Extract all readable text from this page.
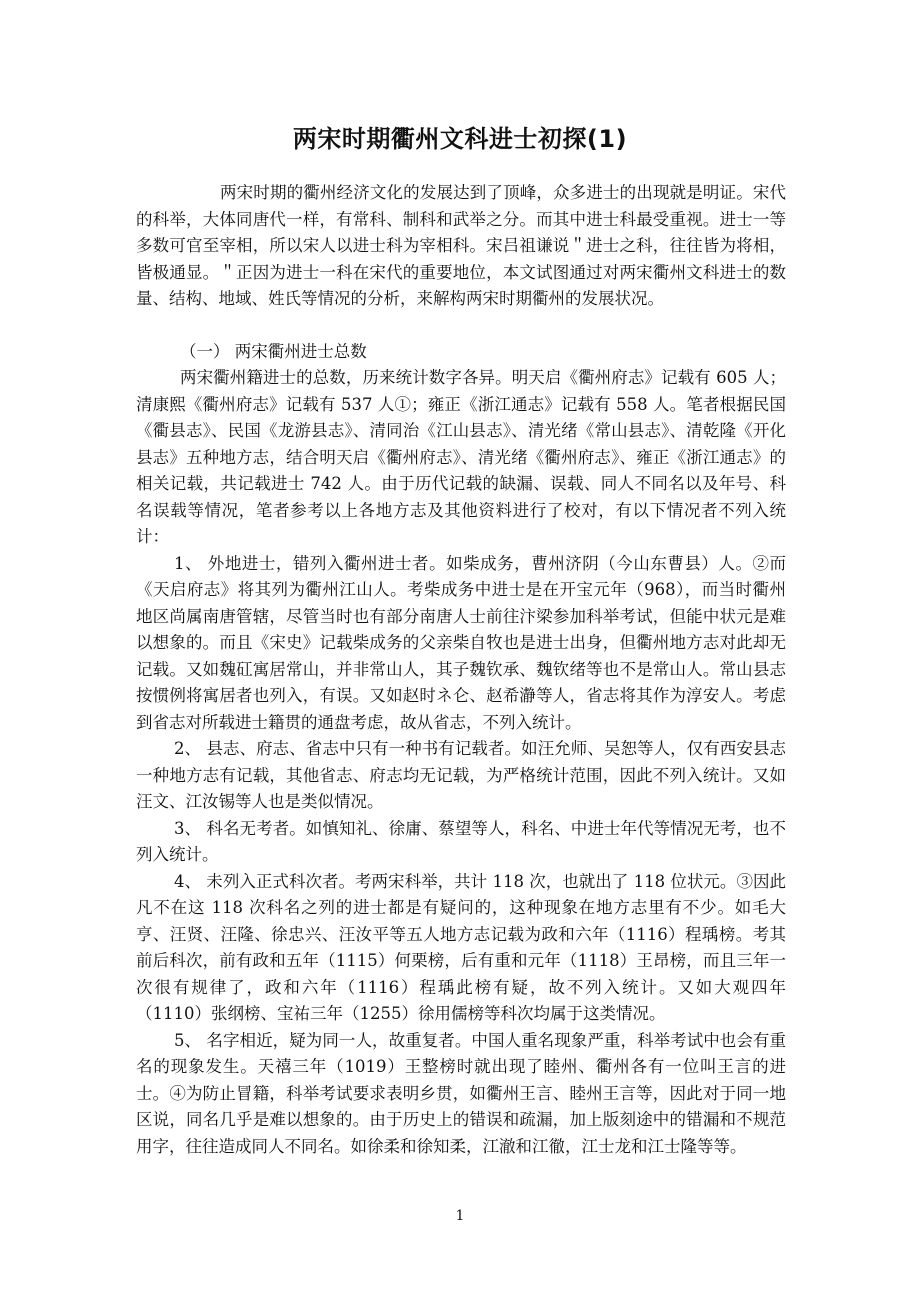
两宋时期衢州文科进士初探(1)

两宋时期的衢州经济文化的发展达到了顶峰，众多进士的出现就是明证。宋代的科举，大体同唐代一样，有常科、制科和武举之分。而其中进士科最受重视。进士一等多数可官至宰相，所以宋人以进士科为宰相科。宋吕祖谦说＂进士之科，往往皆为将相，皆极通显。＂正因为进士一科在宋代的重要地位，本文试图通过对两宋衢州文科进士的数量、结构、地域、姓氏等情况的分析，来解构两宋时期衢州的发展状况。

（一） 两宋衢州进士总数

两宋衢州籍进士的总数，历来统计数字各异。明天启《衢州府志》记载有 605 人；清康熙《衢州府志》记载有 537 人①；雍正《浙江通志》记载有 558 人。笔者根据民国《衢县志》、民国《龙游县志》、清同治《江山县志》、清光绪《常山县志》、清乾隆《开化县志》五种地方志，结合明天启《衢州府志》、清光绪《衢州府志》、雍正《浙江通志》的相关记载，共记载进士 742 人。由于历代记载的缺漏、误载、同人不同名以及年号、科名误载等情况，笔者参考以上各地方志及其他资料进行了校对，有以下情况者不列入统计：

1、 外地进士，错列入衢州进士者。如柴成务，曹州济阴（今山东曹县）人。②而《天启府志》将其列为衢州江山人。考柴成务中进士是在开宝元年（968），而当时衢州地区尚属南唐管辖，尽管当时也有部分南唐人士前往汴梁参加科举考试，但能中状元是难以想象的。而且《宋史》记载柴成务的父亲柴自牧也是进士出身，但衢州地方志对此却无记载。又如魏矼寓居常山，并非常山人，其子魏钦承、魏钦绪等也不是常山人。常山县志按惯例将寓居者也列入，有误。又如赵时ネ仑、赵希瀞等人，省志将其作为淳安人。考虑到省志对所载进士籍贯的通盘考虑，故从省志，不列入统计。

2、 县志、府志、省志中只有一种书有记载者。如汪允师、吴恕等人，仅有西安县志一种地方志有记载，其他省志、府志均无记载，为严格统计范围，因此不列入统计。又如汪文、江汝锡等人也是类似情况。

3、 科名无考者。如慎知礼、徐庸、蔡望等人，科名、中进士年代等情况无考，也不列入统计。

4、 未列入正式科次者。考两宋科举，共计 118 次，也就出了 118 位状元。③因此凡不在这 118 次科名之列的进士都是有疑问的，这种现象在地方志里有不少。如毛大亨、汪贤、汪隆、徐忠兴、汪汝平等五人地方志记载为政和六年（1116）程瑀榜。考其前后科次，前有政和五年（1115）何栗榜，后有重和元年（1118）王昂榜，而且三年一次很有规律了，政和六年（1116）程瑀此榜有疑，故不列入统计。又如大观四年（1110）张纲榜、宝祐三年（1255）徐用儒榜等科次均属于这类情况。

5、 名字相近，疑为同一人，故重复者。中国人重名现象严重，科举考试中也会有重名的现象发生。天禧三年（1019）王整榜时就出现了睦州、衢州各有一位叫王言的进士。④为防止冒籍，科举考试要求表明乡贯，如衢州王言、睦州王言等，因此对于同一地区说，同名几乎是难以想象的。由于历史上的错误和疏漏，加上版刻途中的错漏和不规范用字，往往造成同人不同名。如徐柔和徐知柔，江澈和江徹，江士龙和江士隆等等。

1
